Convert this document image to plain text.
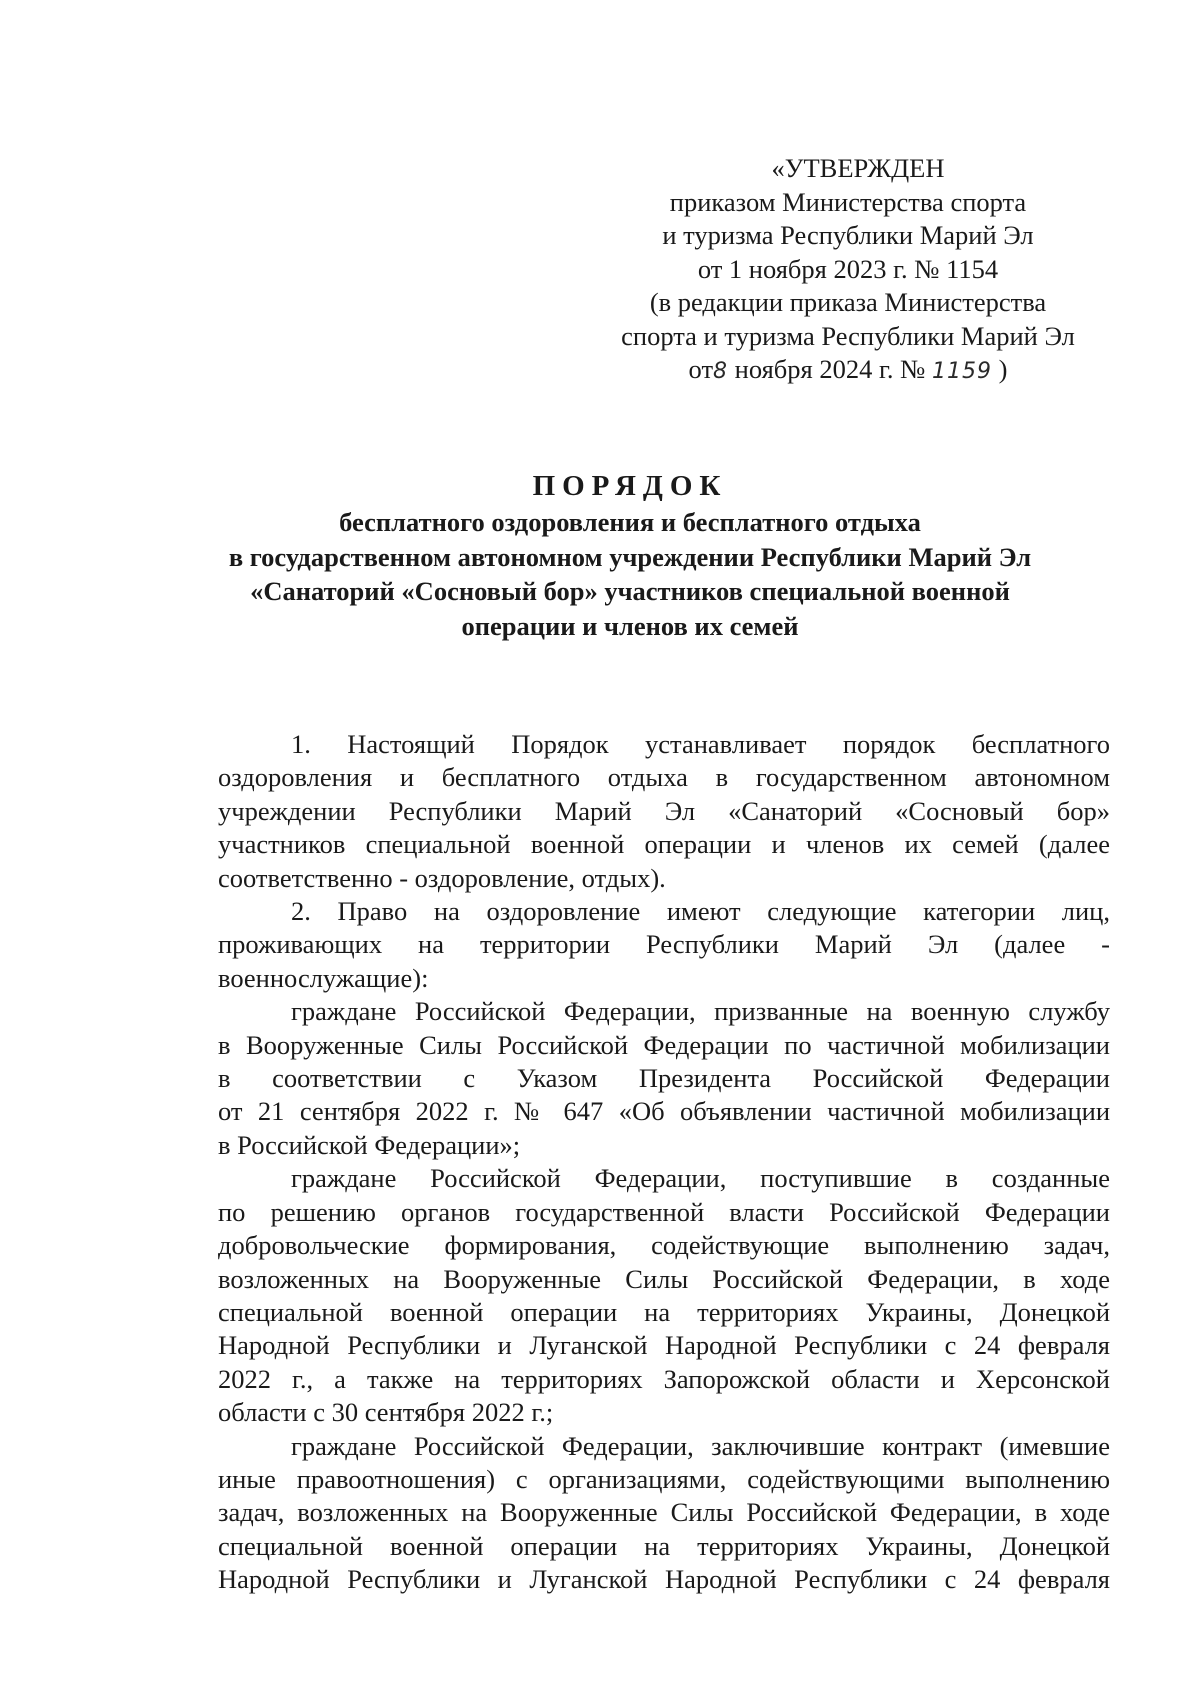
«УТВЕРЖДЕН
приказом Министерства спорта
и туризма Республики Марий Эл
от 1 ноября 2023 г. № 1154
(в редакции приказа Министерства
спорта и туризма Республики Марий Эл
от8 ноября 2024 г. № 1159 )
ПОРЯДОК
бесплатного оздоровления и бесплатного отдыха
в государственном автономном учреждении Республики Марий Эл
«Санаторий «Сосновый бор» участников специальной военной
операции и членов их семей
1. Настоящий Порядок устанавливает порядок бесплатного
оздоровления и бесплатного отдыха в государственном автономном
учреждении Республики Марий Эл «Санаторий «Сосновый бор»
участников специальной военной операции и членов их семей (далее
соответственно - оздоровление, отдых).
2. Право на оздоровление имеют следующие категории лиц,
проживающих на территории Республики Марий Эл (далее -
военнослужащие):
граждане Российской Федерации, призванные на военную службу
в Вооруженные Силы Российской Федерации по частичной мобилизации
в соответствии с Указом Президента Российской Федерации
от 21 сентября 2022 г. № 647 «Об объявлении частичной мобилизации
в Российской Федерации»;
граждане Российской Федерации, поступившие в созданные
по решению органов государственной власти Российской Федерации
добровольческие формирования, содействующие выполнению задач,
возложенных на Вооруженные Силы Российской Федерации, в ходе
специальной военной операции на территориях Украины, Донецкой
Народной Республики и Луганской Народной Республики с 24 февраля
2022 г., а также на территориях Запорожской области и Херсонской
области с 30 сентября 2022 г.;
граждане Российской Федерации, заключившие контракт (имевшие
иные правоотношения) с организациями, содействующими выполнению
задач, возложенных на Вооруженные Силы Российской Федерации, в ходе
специальной военной операции на территориях Украины, Донецкой
Народной Республики и Луганской Народной Республики с 24 февраля
